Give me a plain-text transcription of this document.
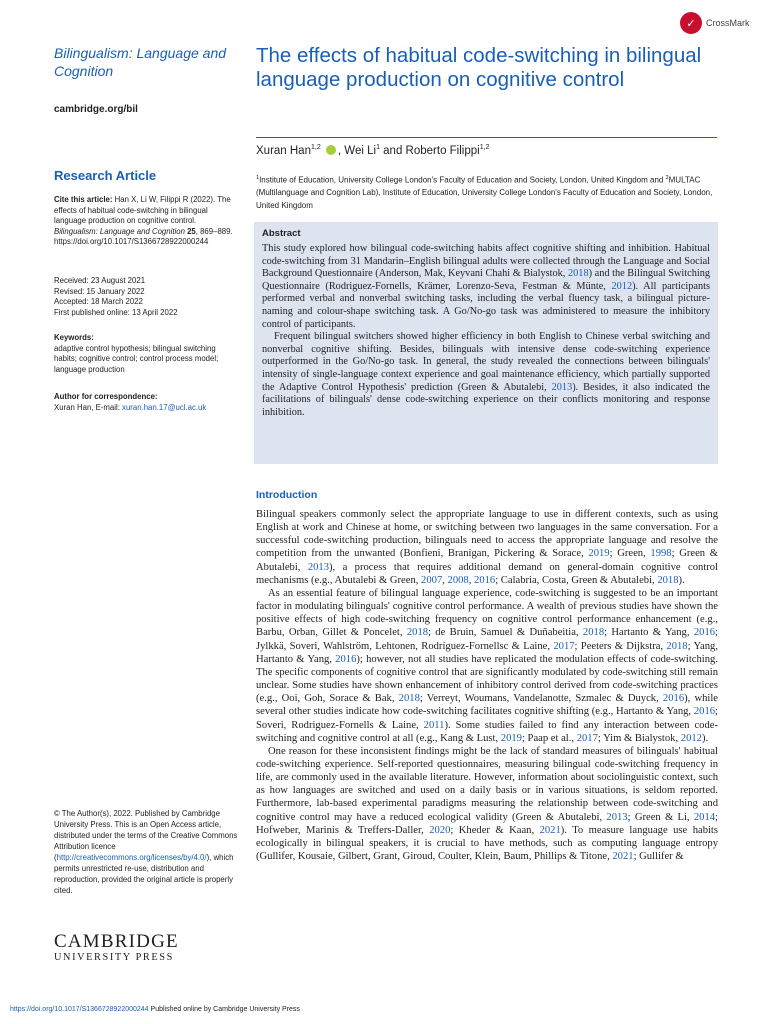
✓ CrossMark
Bilingualism: Language and Cognition
cambridge.org/bil
The effects of habitual code-switching in bilingual language production on cognitive control
Xuran Han$^{1,2}$ , Wei Li$^1$ and Roberto Filippi$^{1,2}$
$^1$Institute of Education, University College London's Faculty of Education and Society, London, United Kingdom and $^2$MULTAC (Multilanguage and Cognition Lab), Institute of Education, University College London's Faculty of Education and Society, London, United Kingdom
Research Article
Cite this article: Han X, Li W, Filippi R (2022). The effects of habitual code-switching in bilingual language production on cognitive control. Bilingualism: Language and Cognition 25, 869–889. https://doi.org/10.1017/S1366728922000244
Received: 23 August 2021
Revised: 15 January 2022
Accepted: 18 March 2022
First published online: 13 April 2022
Keywords:
adaptive control hypothesis; bilingual switching habits; cognitive control; control process model; language production
Author for correspondence:
Xuran Han, E-mail: xuran.han.17@ucl.ac.uk
© The Author(s), 2022. Published by Cambridge University Press. This is an Open Access article, distributed under the terms of the Creative Commons Attribution licence (http://creativecommons.org/licenses/by/4.0/), which permits unrestricted re-use, distribution and reproduction, provided the original article is properly cited.
CAMBRIDGE
UNIVERSITY PRESS
Abstract

This study explored how bilingual code-switching habits affect cognitive shifting and inhibition. Habitual code-switching from 31 Mandarin–English bilingual adults were collected through the Language and Social Background Questionnaire (Anderson, Mak, Keyvani Chahi & Bialystok, 2018) and the Bilingual Switching Questionnaire (Rodriguez-Fornells, Krämer, Lorenzo-Seva, Festman & Münte, 2012). All participants performed verbal and nonverbal switching tasks, including the verbal fluency task, a bilingual picture-naming and colour-shape switching task. A Go/No-go task was administered to measure the inhibitory control of participants.

Frequent bilingual switchers showed higher efficiency in both English to Chinese verbal switching and nonverbal cognitive shifting. Besides, bilinguals with intensive dense code-switching experience outperformed in the Go/No-go task. In general, the study revealed the connections between bilinguals' intensity of single-language context experience and goal maintenance efficiency, which partially supported the Adaptive Control Hypothesis' prediction (Green & Abutalebi, 2013). Besides, it also indicated the facilitations of bilinguals' dense code-switching experience on their conflicts monitoring and response inhibition.

Introduction

Bilingual speakers commonly select the appropriate language to use in different contexts, such as using English at work and Chinese at home, or switching between two languages in the same conversation. For a successful code-switching production, bilinguals need to access the appropriate language and resolve the competition from the unwanted (Bonfieni, Branigan, Pickering & Sorace, 2019; Green, 1998; Green & Abutalebi, 2013), a process that requires additional demand on general-domain cognitive control mechanisms (e.g., Abutalebi & Green, 2007, 2008, 2016; Calabria, Costa, Green & Abutalebi, 2018).

As an essential feature of bilingual language experience, code-switching is suggested to be an important factor in modulating bilinguals' cognitive control performance. A wealth of previous studies have shown the positive effects of high code-switching frequency on cognitive control performance enhancement (e.g., Barbu, Orban, Gillet & Poncelet, 2018; de Bruin, Samuel & Duñabeitia, 2018; Hartanto & Yang, 2016; Jylkkä, Soveri, Wahlström, Lehtonen, Rodríguez-Fornellsc & Laine, 2017; Peeters & Dijkstra, 2018; Yang, Hartanto & Yang, 2016); however, not all studies have replicated the modulation effects of code-switching. The specific components of cognitive control that are significantly modulated by code-switching still remain unclear. Some studies have shown enhancement of inhibitory control derived from code-switching practices (e.g., Ooi, Goh, Sorace & Bak, 2018; Verreyt, Woumans, Vandelanotte, Szmalec & Duyck, 2016), while several other studies indicate how code-switching facilitates cognitive shifting (e.g., Hartanto & Yang, 2016; Soveri, Rodriguez-Fornells & Laine, 2011). Some studies failed to find any interaction between code-switching and cognitive control at all (e.g., Kang & Lust, 2019; Paap et al., 2017; Yim & Bialystok, 2012).

One reason for these inconsistent findings might be the lack of standard measures of bilinguals' habitual code-switching experience. Self-reported questionnaires, measuring bilingual code-switching frequency in life, are commonly used in the available literature. However, information about sociolinguistic context, such as how languages are switched and used on a daily basis or in various situations, is seldom reported. Furthermore, lab-based experimental paradigms measuring the relationship between code-switching and cognitive control may have a reduced ecological validity (Green & Abutalebi, 2013; Green & Li, 2014; Hofweber, Marinis & Treffers-Daller, 2020; Kheder & Kaan, 2021). To measure language use habits ecologically in bilingual speakers, it is crucial to have methods, such as computing language entropy (Gullifer, Kousaie, Gilbert, Grant, Giroud, Coulter, Klein, Baum, Phillips & Titone, 2021; Gullifer &

https://doi.org/10.1017/S1366728922000244 Published online by Cambridge University Press
